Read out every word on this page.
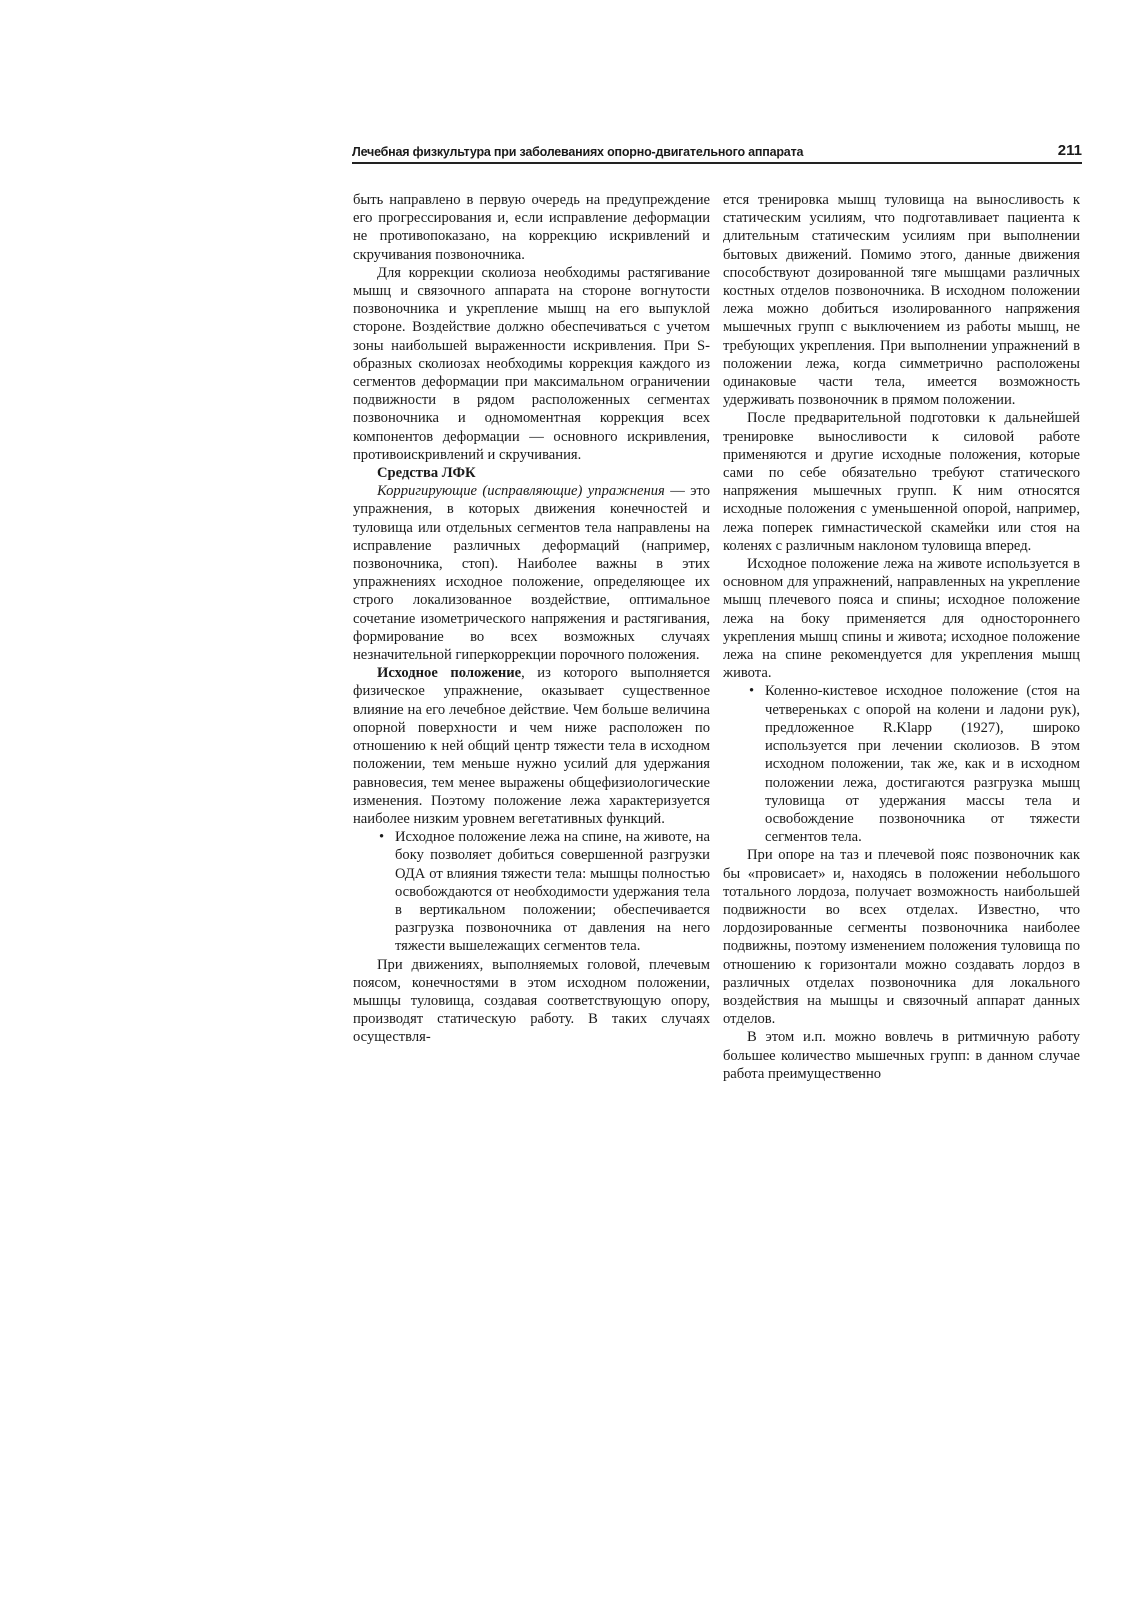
Лечебная физкультура при заболеваниях опорно-двигательного аппарата	211

быть направлено в первую очередь на предупреждение его прогрессирования и, если исправление деформации не противопоказано, на коррекцию искривлений и скручивания позвоночника.

Для коррекции сколиоза необходимы растягивание мышц и связочного аппарата на стороне вогнутости позвоночника и укрепление мышц на его выпуклой стороне. Воздействие должно обеспечиваться с учетом зоны наибольшей выраженности искривления. При S-образных сколиозах необходимы коррекция каждого из сегментов деформации при максимальном ограничении подвижности в рядом расположенных сегментах позвоночника и одномоментная коррекция всех компонентов деформации — основного искривления, противоискривлений и скручивания.

Средства ЛФК

Корригирующие (исправляющие) упражнения — это упражнения, в которых движения конечностей и туловища или отдельных сегментов тела направлены на исправление различных деформаций (например, позвоночника, стоп). Наиболее важны в этих упражнениях исходное положение, определяющее их строго локализованное воздействие, оптимальное сочетание изометрического напряжения и растягивания, формирование во всех возможных случаях незначительной гиперкоррекции порочного положения.

Исходное положение, из которого выполняется физическое упражнение, оказывает существенное влияние на его лечебное действие. Чем больше величина опорной поверхности и чем ниже расположен по отношению к ней общий центр тяжести тела в исходном положении, тем меньше нужно усилий для удержания равновесия, тем менее выражены общефизиологические изменения. Поэтому положение лежа характеризуется наиболее низким уровнем вегетативных функций.

• Исходное положение лежа на спине, на животе, на боку позволяет добиться совершенной разгрузки ОДА от влияния тяжести тела: мышцы полностью освобождаются от необходимости удержания тела в вертикальном положении; обеспечивается разгрузка позвоночника от давления на него тяжести вышележащих сегментов тела.

При движениях, выполняемых головой, плечевым поясом, конечностями в этом исходном положении, мышцы туловища, создавая соответствующую опору, производят статическую работу. В таких случаях осуществля-

ется тренировка мышц туловища на выносливость к статическим усилиям, что подготавливает пациента к длительным статическим усилиям при выполнении бытовых движений. Помимо этого, данные движения способствуют дозированной тяге мышцами различных костных отделов позвоночника. В исходном положении лежа можно добиться изолированного напряжения мышечных групп с выключением из работы мышц, не требующих укрепления. При выполнении упражнений в положении лежа, когда симметрично расположены одинаковые части тела, имеется возможность удерживать позвоночник в прямом положении.

После предварительной подготовки к дальнейшей тренировке выносливости к силовой работе применяются и другие исходные положения, которые сами по себе обязательно требуют статического напряжения мышечных групп. К ним относятся исходные положения с уменьшенной опорой, например, лежа поперек гимнастической скамейки или стоя на коленях с различным наклоном туловища вперед.

Исходное положение лежа на животе используется в основном для упражнений, направленных на укрепление мышц плечевого пояса и спины; исходное положение лежа на боку применяется для одностороннего укрепления мышц спины и живота; исходное положение лежа на спине рекомендуется для укрепления мышц живота.

• Коленно-кистевое исходное положение (стоя на четвереньках с опорой на колени и ладони рук), предложенное R.Klapp (1927), широко используется при лечении сколиозов. В этом исходном положении, так же, как и в исходном положении лежа, достигаются разгрузка мышц туловища от удержания массы тела и освобождение позвоночника от тяжести сегментов тела.

При опоре на таз и плечевой пояс позвоночник как бы «провисает» и, находясь в положении небольшого тотального лордоза, получает возможность наибольшей подвижности во всех отделах. Известно, что лордозированные сегменты позвоночника наиболее подвижны, поэтому изменением положения туловища по отношению к горизонтали можно создавать лордоз в различных отделах позвоночника для локального воздействия на мышцы и связочный аппарат данных отделов.

В этом и.п. можно вовлечь в ритмичную работу большее количество мышечных групп: в данном случае работа преимущественно
